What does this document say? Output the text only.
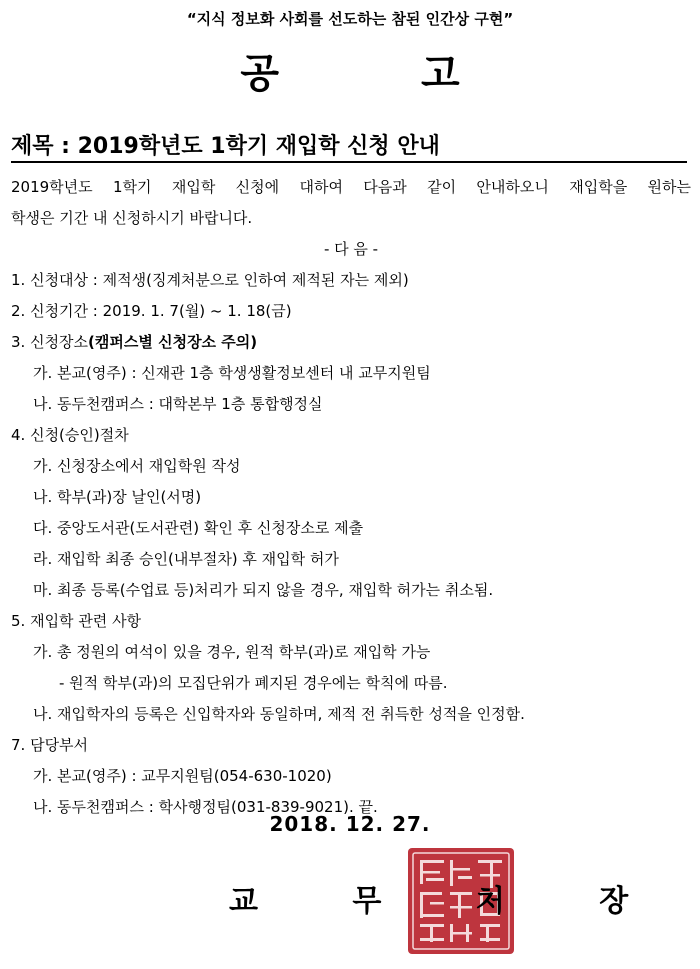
“지식 정보화 사회를 선도하는 참된 인간상 구현”
공 고
제목 : 2019학년도 1학기 재입학 신청 안내
2019학년도 1학기 재입학 신청에 대하여 다음과 같이 안내하오니 재입학을 원하는
학생은 기간 내 신청하시기 바랍니다.
- 다 음 -
1. 신청대상 : 제적생(징계처분으로 인하여 제적된 자는 제외)
2. 신청기간 : 2019. 1. 7(월) ~ 1. 18(금)
3. 신청장소(캠퍼스별 신청장소 주의)
가. 본교(영주) : 신재관 1층 학생생활정보센터 내 교무지원팀
나. 동두천캠퍼스 : 대학본부 1층 통합행정실
4. 신청(승인)절차
가. 신청장소에서 재입학원 작성
나. 학부(과)장 날인(서명)
다. 중앙도서관(도서관련) 확인 후 신청장소로 제출
라. 재입학 최종 승인(내부절차) 후 재입학 허가
마. 최종 등록(수업료 등)처리가 되지 않을 경우, 재입학 허가는 취소됨.
5. 재입학 관련 사항
가. 총 정원의 여석이 있을 경우, 원적 학부(과)로 재입학 가능
- 원적 학부(과)의 모집단위가 폐지된 경우에는 학칙에 따름.
나. 재입학자의 등록은 신입학자와 동일하며, 제적 전 취득한 성적을 인정함.
7. 담당부서
가. 본교(영주) : 교무지원팀(054-630-1020)
나. 동두천캠퍼스 : 학사행정팀(031-839-9021). 끝.
2018. 12. 27.
교 무 처 장
